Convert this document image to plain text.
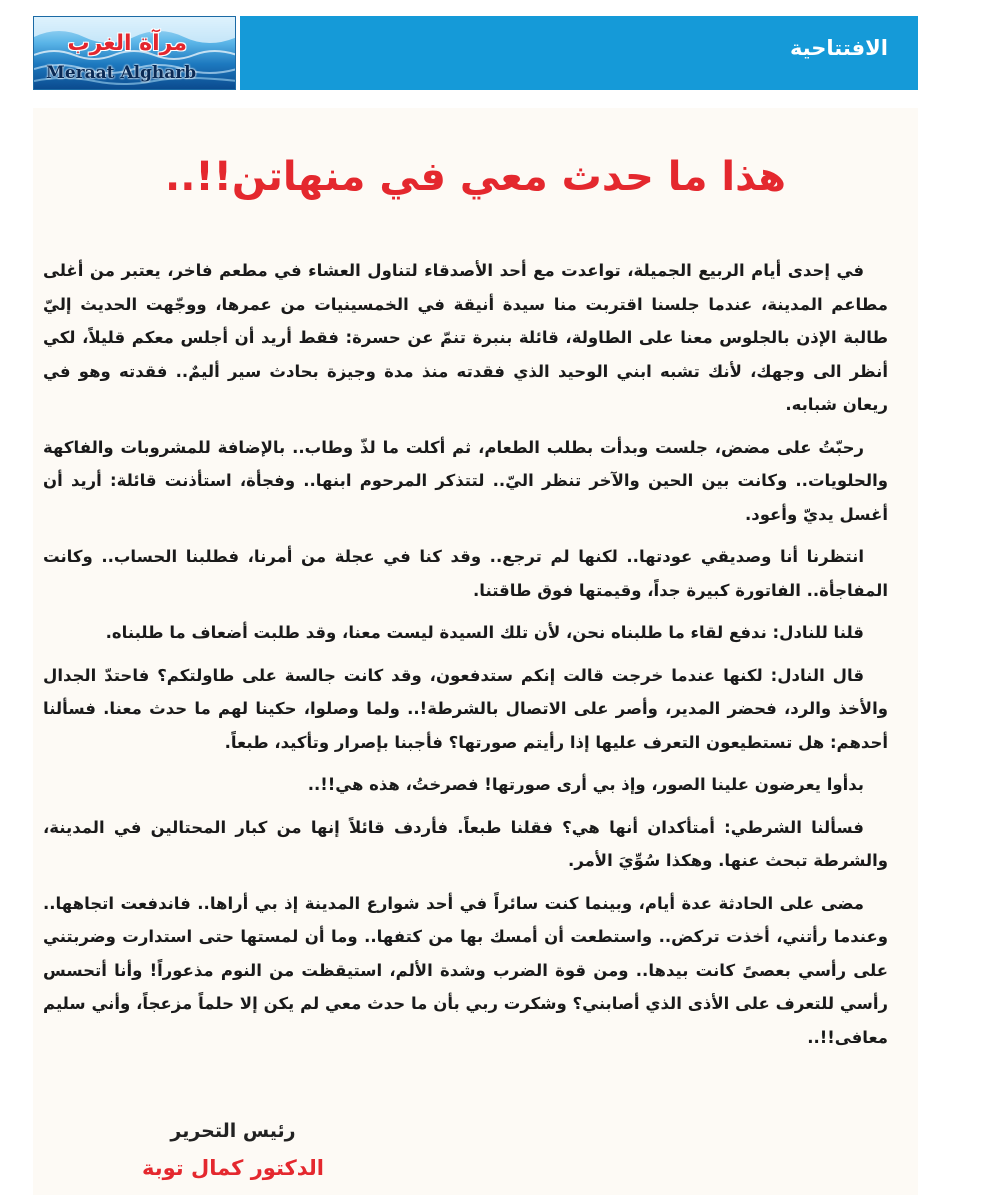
الافتتاحية
مرآة الغرب
Meraat Algharb
هذا ما حدث معي في منهاتن!!..

في إحدى أيام الربيع الجميلة، تواعدت مع أحد الأصدقاء لتناول العشاء في مطعم فاخر، يعتبر من أغلى مطاعم المدينة، عندما جلسنا اقتربت منا سيدة أنيقة في الخمسينيات من عمرها، ووجّهت الحديث إليّ طالبة الإذن بالجلوس معنا على الطاولة، قائلة بنبرة تنمّ عن حسرة: فقط أريد أن أجلس معكم قليلاً، لكي أنظر الى وجهك، لأنك تشبه ابني الوحيد الذي فقدته منذ مدة وجيزة بحادث سير أليمٌ.. فقدته وهو في ريعان شبابه.

رحبّتُ على مضض، جلست وبدأت بطلب الطعام، ثم أكلت ما لذّ وطاب.. بالإضافة للمشروبات والفاكهة والحلويات.. وكانت بين الحين والآخر تنظر اليّ.. لتتذكر المرحوم ابنها.. وفجأة، استأذنت قائلة: أريد أن أغسل يديّ وأعود.

انتظرنا أنا وصديقي عودتها.. لكنها لم ترجع.. وقد كنا في عجلة من أمرنا، فطلبنا الحساب.. وكانت المفاجأة.. الفاتورة كبيرة جداً، وقيمتها فوق طاقتنا.

قلنا للنادل: ندفع لقاء ما طلبناه نحن، لأن تلك السيدة ليست معنا، وقد طلبت أضعاف ما طلبناه.

قال النادل: لكنها عندما خرجت قالت إنكم ستدفعون، وقد كانت جالسة على طاولتكم؟ فاحتدّ الجدال والأخذ والرد، فحضر المدير، وأصر على الاتصال بالشرطة!.. ولما وصلوا، حكينا لهم ما حدث معنا. فسألنا أحدهم: هل تستطيعون التعرف عليها إذا رأيتم صورتها؟ فأجبنا بإصرار وتأكيد، طبعاً.

بدأوا يعرضون علينا الصور، وإذ بي أرى صورتها! فصرختُ، هذه هي!!..

فسألنا الشرطي: أمتأكدان أنها هي؟ فقلنا طبعاً. فأردف قائلاً إنها من كبار المحتالين في المدينة، والشرطة تبحث عنها. وهكذا سُوِّيَ الأمر.

مضى على الحادثة عدة أيام، وبينما كنت سائراً في أحد شوارع المدينة إذ بي أراها.. فاندفعت اتجاهها.. وعندما رأتني، أخذت تركض.. واستطعت أن أمسك بها من كتفها.. وما أن لمستها حتى استدارت وضربتني على رأسي بعصىً كانت بيدها.. ومن قوة الضرب وشدة الألم، استيقظت من النوم مذعوراً! وأنا أتحسس رأسي للتعرف على الأذى الذي أصابني؟ وشكرت ربي بأن ما حدث معي لم يكن إلا حلماً مزعجاً، وأني سليم معافى!!..

رئيس التحرير
الدكتور كمال توبة
